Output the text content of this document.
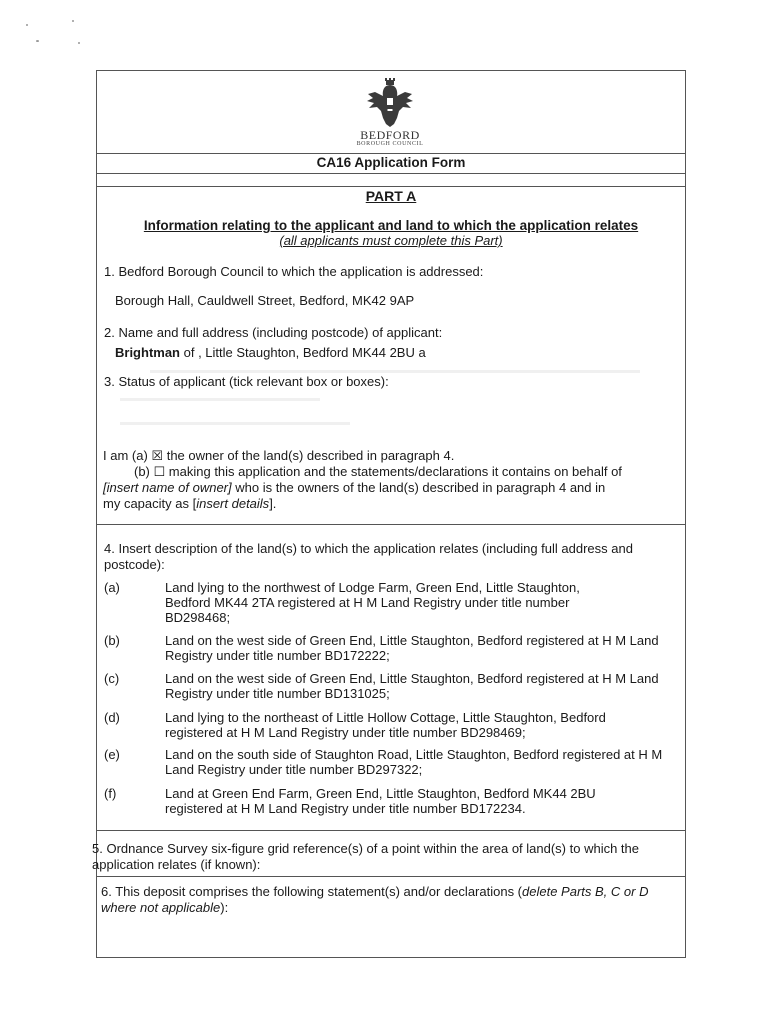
BEDFORD
BOROUGH COUNCIL
CA16 Application Form
PART A
Information relating to the applicant and land to which the application relates
(all applicants must complete this Part)
1. Bedford Borough Council to which the application is addressed:
Borough Hall, Cauldwell Street, Bedford, MK42 9AP
2. Name and full address (including postcode) of applicant:
Brightman of , Little Staughton, Bedford MK44 2BU a
3. Status of applicant (tick relevant box or boxes):
I am (a) ☒ the owner of the land(s) described in paragraph 4.
(b) ☐ making this application and the statements/declarations it contains on behalf of
[insert name of owner] who is the owners of the land(s) described in paragraph 4 and in
my capacity as [insert details].
4. Insert description of the land(s) to which the application relates (including full address and postcode):
(a)	Land lying to the northwest of Lodge Farm, Green End, Little Staughton, Bedford MK44 2TA registered at H M Land Registry under title number BD298468;
(b)	Land on the west side of Green End, Little Staughton, Bedford registered at H M Land Registry under title number BD172222;
(c)	Land on the west side of Green End, Little Staughton, Bedford registered at H M Land Registry under title number BD131025;
(d)	Land lying to the northeast of Little Hollow Cottage, Little Staughton, Bedford registered at H M Land Registry under title number BD298469;
(e)	Land on the south side of Staughton Road, Little Staughton, Bedford registered at H M Land Registry under title number BD297322;
(f)	Land at Green End Farm, Green End, Little Staughton, Bedford MK44 2BU registered at H M Land Registry under title number BD172234.
5. Ordnance Survey six-figure grid reference(s) of a point within the area of land(s) to which the application relates (if known):
6. This deposit comprises the following statement(s) and/or declarations (delete Parts B, C or D where not applicable):
